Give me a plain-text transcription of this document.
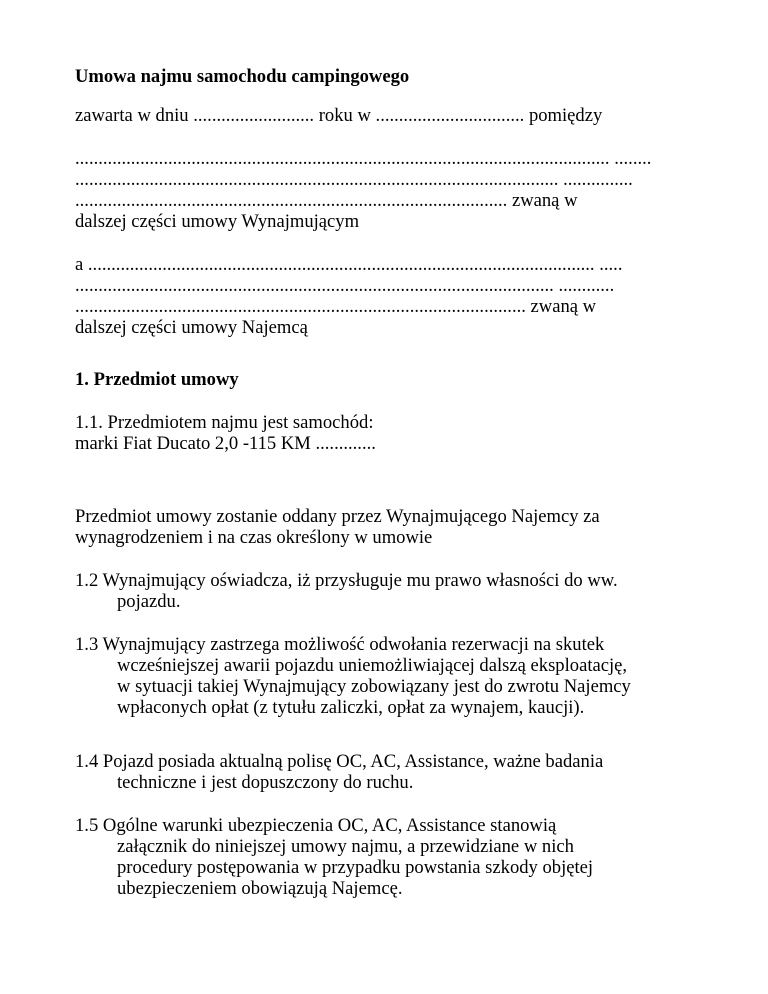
Umowa najmu samochodu campingowego
zawarta w dniu .......................... roku w ................................ pomiędzy
................................................................................................................... ........
........................................................................................................ ...............
............................................................................................. zwaną w
dalszej części umowy Wynajmującym
a ............................................................................................................. .....
....................................................................................................... ............
................................................................................................. zwaną w
dalszej części umowy Najemcą
1. Przedmiot umowy
1.1. Przedmiotem najmu jest samochód:
marki Fiat Ducato 2,0 -115 KM .............
Przedmiot umowy zostanie oddany przez Wynajmującego Najemcy za
wynagrodzeniem i na czas określony w umowie
1.2 Wynajmujący oświadcza, iż przysługuje mu prawo własności do ww.
pojazdu.
1.3 Wynajmujący zastrzega możliwość odwołania rezerwacji na skutek
wcześniejszej awarii pojazdu uniemożliwiającej dalszą eksploatację,
w sytuacji takiej Wynajmujący zobowiązany jest do zwrotu Najemcy
wpłaconych opłat (z tytułu zaliczki, opłat za wynajem, kaucji).
1.4 Pojazd posiada aktualną polisę OC, AC, Assistance, ważne badania
techniczne i jest dopuszczony do ruchu.
1.5 Ogólne warunki ubezpieczenia OC, AC, Assistance stanowią
załącznik do niniejszej umowy najmu, a przewidziane w nich
procedury postępowania w przypadku powstania szkody objętej
ubezpieczeniem obowiązują Najemcę.
